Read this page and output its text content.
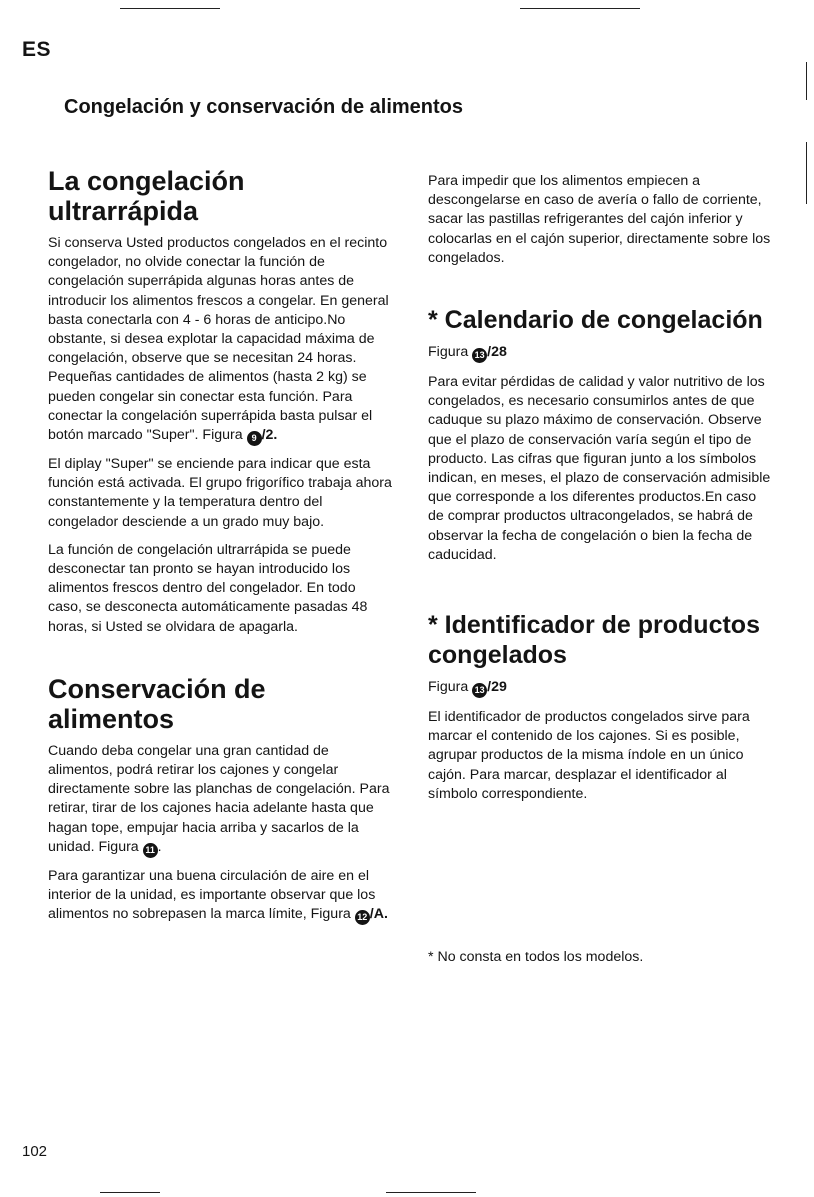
ES
Congelación y conservación de alimentos
La congelación ultrarrápida

Si conserva Usted productos congelados en el recinto congelador, no olvide conectar la función de congelación superrápida algunas horas antes de introducir los alimentos frescos a congelar. En general basta conectarla con 4 - 6 horas de anticipo.No obstante, si desea explotar la capacidad máxima de congelación, observe que se necesitan 24 horas. Pequeñas cantidades de alimentos (hasta 2 kg) se pueden congelar sin conectar esta función. Para conectar la congelación superrápida basta pulsar el botón marcado "Super". Figura 9 /2.

El diplay "Super" se enciende para indicar que esta función está activada. El grupo frigorífico trabaja ahora constantemente y la temperatura dentro del congelador desciende a un grado muy bajo.

La función de congelación ultrarrápida se puede desconectar tan pronto se hayan introducido los alimentos frescos dentro del congelador. En todo caso, se desconecta automáticamente pasadas 48 horas, si Usted se olvidara de apagarla.

Conservación de alimentos

Cuando deba congelar una gran cantidad de alimentos, podrá retirar los cajones y congelar directamente sobre las planchas de congelación. Para retirar, tirar de los cajones hacia adelante hasta que hagan tope, empujar hacia arriba y sacarlos de la unidad. Figura 11 .

Para garantizar una buena circulación de aire en el interior de la unidad, es importante observar que los alimentos no sobrepasen la marca límite, Figura 12 /A.

Para impedir que los alimentos empiecen a descongelarse en caso de avería o fallo de corriente, sacar las pastillas refrigerantes del cajón inferior y colocarlas en el cajón superior, directamente sobre los congelados.

* Calendario de congelación
Figura 13 /28

Para evitar pérdidas de calidad y valor nutritivo de los congelados, es necesario consumirlos antes de que caduque su plazo máximo de conservación. Observe que el plazo de conservación varía según el tipo de producto. Las cifras que figuran junto a los símbolos indican, en meses, el plazo de conservación admisible que corresponde a los diferentes productos.En caso de comprar productos ultracongelados, se habrá de observar la fecha de congelación o bien la fecha de caducidad.

* Identificador de productos congelados
Figura 13 /29

El identificador de productos congelados sirve para marcar el contenido de los cajones. Si es posible, agrupar productos de la misma índole en un único cajón. Para marcar, desplazar el identificador al símbolo correspondiente.

* No consta en todos los modelos.

102
